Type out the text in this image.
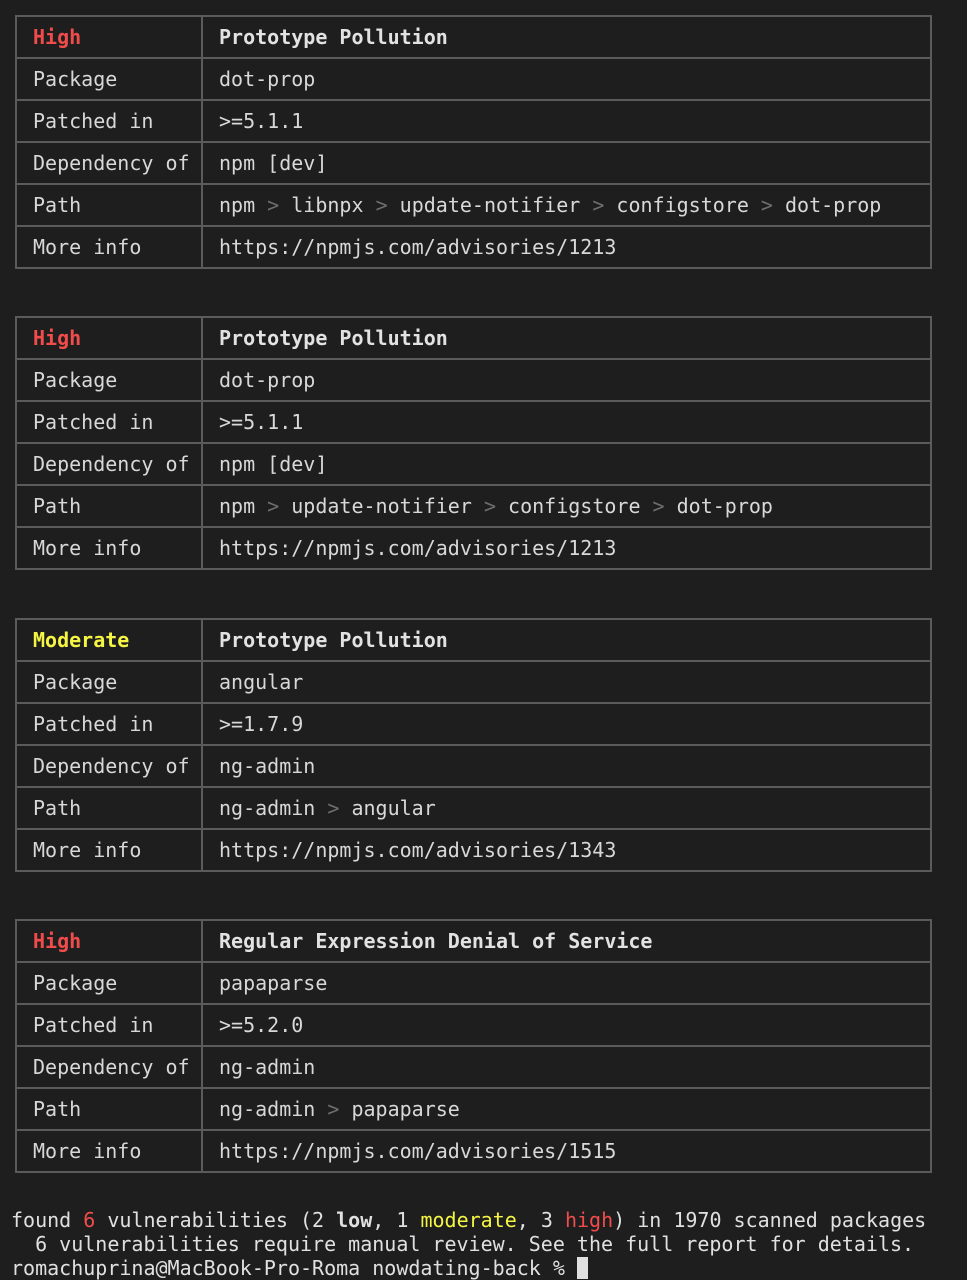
High	Prototype Pollution
Package	dot-prop
Patched in	>=5.1.1
Dependency of	npm [dev]
Path	npm > libnpx > update-notifier > configstore > dot-prop
More info	https://npmjs.com/advisories/1213
High	Prototype Pollution
Package	dot-prop
Patched in	>=5.1.1
Dependency of	npm [dev]
Path	npm > update-notifier > configstore > dot-prop
More info	https://npmjs.com/advisories/1213
Moderate	Prototype Pollution
Package	angular
Patched in	>=1.7.9
Dependency of	ng-admin
Path	ng-admin > angular
More info	https://npmjs.com/advisories/1343
High	Regular Expression Denial of Service
Package	papaparse
Patched in	>=5.2.0
Dependency of	ng-admin
Path	ng-admin > papaparse
More info	https://npmjs.com/advisories/1515
found 6 vulnerabilities (2 low, 1 moderate, 3 high) in 1970 scanned packages
6 vulnerabilities require manual review. See the full report for details.
romachuprina@MacBook-Pro-Roma nowdating-back %
